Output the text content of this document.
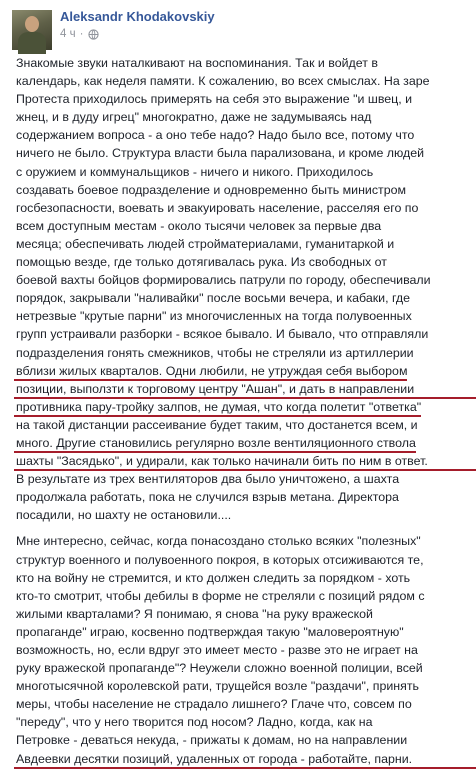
Aleksandr Khodakovskiy
4 ч ·
Знакомые звуки наталкивают на воспоминания. Так и войдет в
календарь, как неделя памяти. К сожалению, во всех смыслах. На заре
Протеста приходилось примерять на себя это выражение "и швец, и
жнец, и в дуду игрец" многократно, даже не задумываясь над
содержанием вопроса - а оно тебе надо? Надо было все, потому что
ничего не было. Структура власти была парализована, и кроме людей
с оружием и коммунальщиков - ничего и никого. Приходилось
создавать боевое подразделение и одновременно быть министром
госбезопасности, воевать и эвакуировать население, расселяя его по
всем доступным местам - около тысячи человек за первые два
месяца; обеспечивать людей стройматериалами, гуманитаркой и
помощью везде, где только дотягивалась рука. Из свободных от
боевой вахты бойцов формировались патрули по городу, обеспечивали
порядок, закрывали "наливайки" после восьми вечера, и кабаки, где
нетрезвые "крутые парни" из многочисленных на тогда полувоенных
групп устраивали разборки - всякое бывало. И бывало, что отправляли
подразделения гонять смежников, чтобы не стреляли из артиллерии
вблизи жилых кварталов. Одни любили, не утруждая себя выбором
позиции, выползти к торговому центру "Ашан", и дать в направлении
противника пару-тройку залпов, не думая, что когда полетит "ответка"
на такой дистанции рассеивание будет таким, что достанется всем, и
много. Другие становились регулярно возле вентиляционного ствола
шахты "Засядько", и удирали, как только начинали бить по ним в ответ.
В результате из трех вентиляторов два было уничтожено, а шахта
продолжала работать, пока не случился взрыв метана. Директора
посадили, но шахту не остановили....
Мне интересно, сейчас, когда понасоздано столько всяких "полезных"
структур военного и полувоенного покроя, в которых отсиживаются те,
кто на войну не стремится, и кто должен следить за порядком - хоть
кто-то смотрит, чтобы дебилы в форме не стреляли с позиций рядом с
жилыми кварталами? Я понимаю, я снова "на руку вражеской
пропаганде" играю, косвенно подтверждая такую "маловероятную"
возможность, но, если вдруг это имеет место - разве это не играет на
руку вражеской пропаганде"? Неужели сложно военной полиции, всей
многотысячной королевской рати, трущейся возле "раздачи", принять
меры, чтобы население не страдало лишнего? Глаче что, совсем по
"переду", что у него творится под носом? Ладно, когда, как на
Петровке - деваться некуда, - прижаты к домам, но на направлении
Авдеевки десятки позиций, удаленных от города - работайте, парни.
